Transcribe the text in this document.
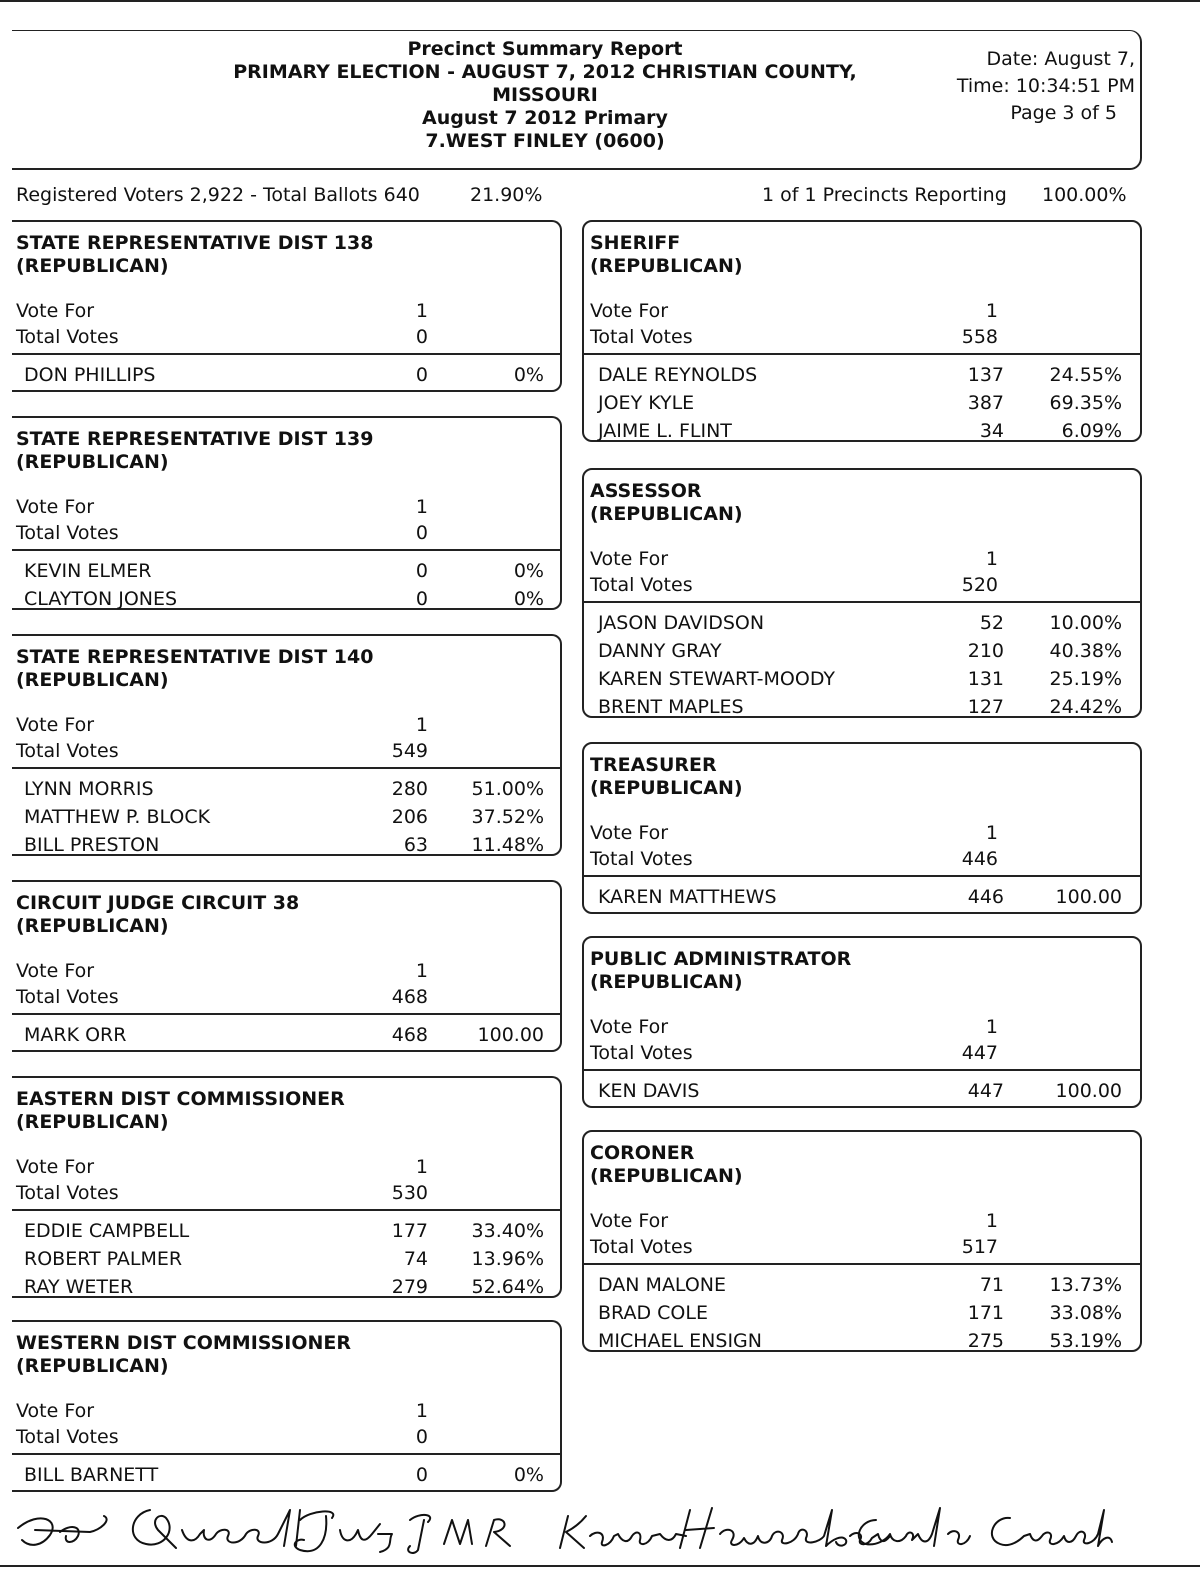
Precinct Summary Report
PRIMARY ELECTION - AUGUST 7, 2012 CHRISTIAN COUNTY,
MISSOURI
August 7 2012 Primary
7.WEST FINLEY (0600)
Date: August 7,
Time: 10:34:51 PM
Page 3 of 5
Registered Voters 2,922 - Total Ballots 640	21.90%	1 of 1 Precincts Reporting 100.00%
STATE REPRESENTATIVE DIST 138
(REPUBLICAN)
Vote For	1
Total Votes	0
DON PHILLIPS	0	0%
STATE REPRESENTATIVE DIST 139
(REPUBLICAN)
Vote For	1
Total Votes	0
KEVIN ELMER	0	0%
CLAYTON JONES	0	0%
STATE REPRESENTATIVE DIST 140
(REPUBLICAN)
Vote For	1
Total Votes	549
LYNN MORRIS	280	51.00%
MATTHEW P. BLOCK	206	37.52%
BILL PRESTON	63	11.48%
CIRCUIT JUDGE CIRCUIT 38
(REPUBLICAN)
Vote For	1
Total Votes	468
MARK ORR	468	100.00
EASTERN DIST COMMISSIONER
(REPUBLICAN)
Vote For	1
Total Votes	530
EDDIE CAMPBELL	177	33.40%
ROBERT PALMER	74	13.96%
RAY WETER	279	52.64%
WESTERN DIST COMMISSIONER
(REPUBLICAN)
Vote For	1
Total Votes	0
BILL BARNETT	0	0%
SHERIFF
(REPUBLICAN)
Vote For	1
Total Votes	558
DALE REYNOLDS	137	24.55%
JOEY KYLE	387	69.35%
JAIME L. FLINT	34	6.09%
ASSESSOR
(REPUBLICAN)
Vote For	1
Total Votes	520
JASON DAVIDSON	52	10.00%
DANNY GRAY	210	40.38%
KAREN STEWART-MOODY	131	25.19%
BRENT MAPLES	127	24.42%
TREASURER
(REPUBLICAN)
Vote For	1
Total Votes	446
KAREN MATTHEWS	446	100.00
PUBLIC ADMINISTRATOR
(REPUBLICAN)
Vote For	1
Total Votes	447
KEN DAVIS	447	100.00
CORONER
(REPUBLICAN)
Vote For	1
Total Votes	517
DAN MALONE	71	13.73%
BRAD COLE	171	33.08%
MICHAEL ENSIGN	275	53.19%
